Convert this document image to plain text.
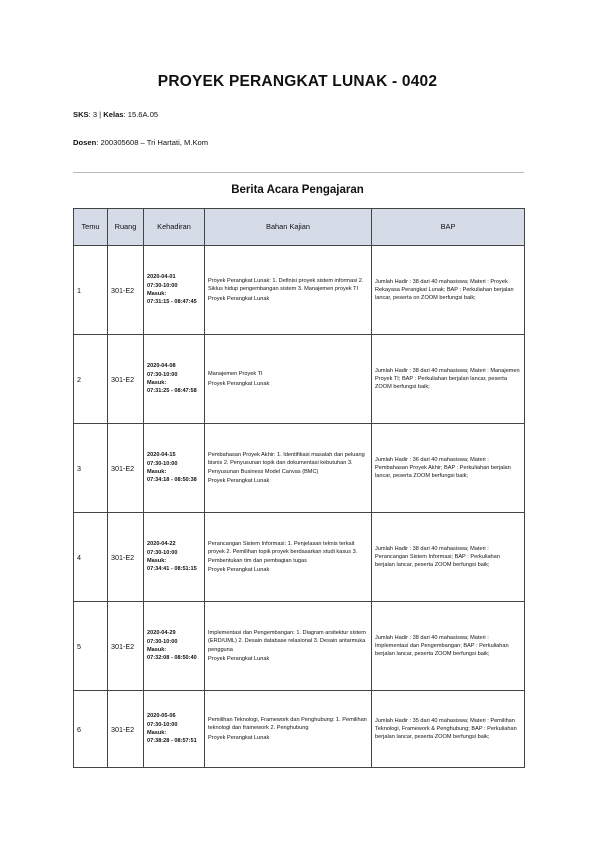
PROYEK PERANGKAT LUNAK - 0402
SKS: 3 | Kelas: 15.6A.05
Dosen: 200305608 – Tri Hartati, M.Kom
Berita Acara Pengajaran
Temu	Ruang	Kehadiran	Bahan Kajian	BAP
1	301-E2	2020-04-01
07:30-10:00
Masuk:
07:31:15 - 08:47:45	Proyek Perangkat Lunak: 1. Definisi proyek sistem informasi 2. Siklus hidup pengembangan sistem 3. Manajemen proyek TI
Proyek Perangkat Lunak	Jumlah Hadir : 38 dari 40 mahasiswa; Materi : Proyek Rekayasa Perangkat Lunak; BAP : Perkuliahan berjalan lancar, peserta on ZOOM berfungsi baik;

2	301-E2	2020-04-08
07:30-10:00
Masuk:
07:31:25 - 08:47:58	Manajemen Proyek TI
Proyek Perangkat Lunak	Jumlah Hadir : 38 dari 40 mahasiswa; Materi : Manajemen Proyek TI; BAP : Perkuliahan berjalan lancar, peserta ZOOM berfungsi baik;

3	301-E2	2020-04-15
07:30-10:00
Masuk:
07:34:18 - 08:50:38	Pembahasan Proyek Akhir: 1. Identifikasi masalah dan peluang bisnis 2. Penyusunan topik dan dokumentasi kebutuhan 3. Penyusunan Business Model Canvas (BMC)
Proyek Perangkat Lunak	Jumlah Hadir : 36 dari 40 mahasiswa; Materi : Pembahasan Proyek Akhir; BAP : Perkuliahan berjalan lancar, peserta ZOOM berfungsi baik;

4	301-E2	2020-04-22
07:30-10:00
Masuk:
07:34:41 - 08:51:15	Perancangan Sistem Informasi: 1. Penjelasan teknis terkait proyek 2. Pemilihan topik proyek berdasarkan studi kasus 3. Pembentukan tim dan pembagian tugas
Proyek Perangkat Lunak	Jumlah Hadir : 38 dari 40 mahasiswa; Materi : Perancangan Sistem Informasi; BAP : Perkuliahan berjalan lancar, peserta ZOOM berfungsi baik;

5	301-E2	2020-04-29
07:30-10:00
Masuk:
07:32:08 - 08:50:40	Implementasi dan Pengembangan: 1. Diagram arsitektur sistem (ERD/UML) 2. Desain database relasional 3. Desain antarmuka pengguna
Proyek Perangkat Lunak	Jumlah Hadir : 38 dari 40 mahasiswa; Materi : Implementasi dan Pengembangan; BAP : Perkuliahan berjalan lancar, peserta ZOOM berfungsi baik;

6	301-E2	2020-05-06
07:30-10:00
Masuk:
07:38:28 - 08:57:51	Pemilihan Teknologi, Framework dan Penghubung: 1. Pemilihan teknologi dan framework 2. Penghubung
Proyek Perangkat Lunak	Jumlah Hadir : 35 dari 40 mahasiswa; Materi : Pemilihan Teknologi, Framework & Penghubung; BAP : Perkuliahan berjalan lancar, peserta ZOOM berfungsi baik;
